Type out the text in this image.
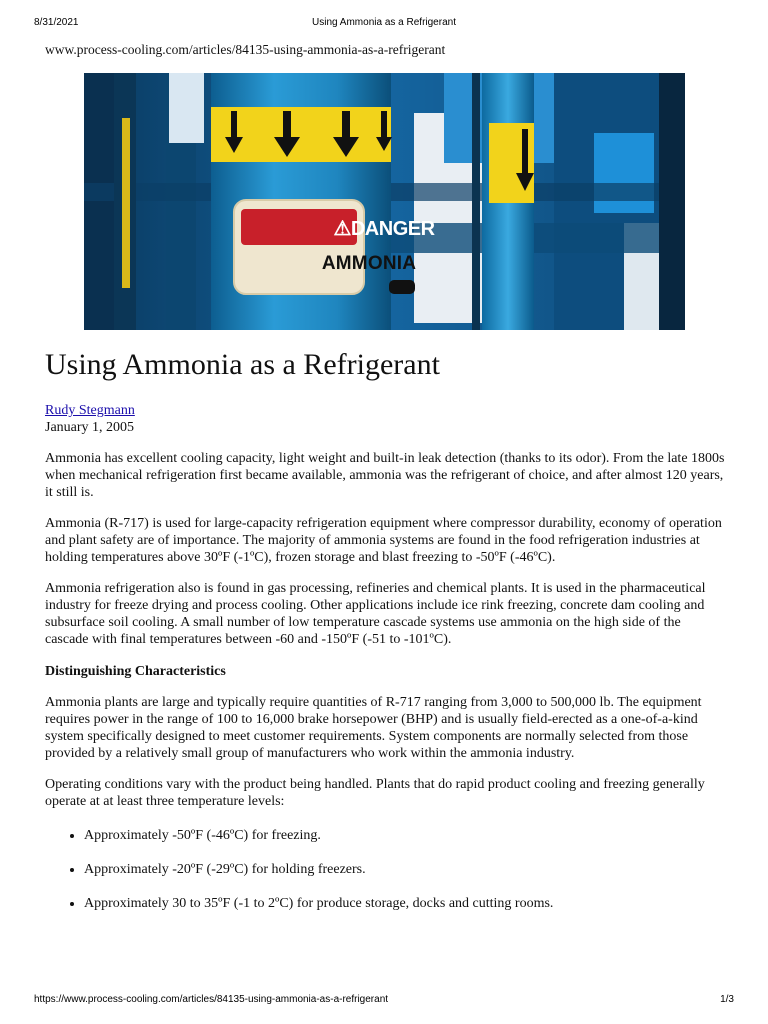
8/31/2021	Using Ammonia as a Refrigerant
www.process-cooling.com/articles/84135-using-ammonia-as-a-refrigerant
⚠DANGER
AMMONIA
Using Ammonia as a Refrigerant
Rudy Stegmann
January 1, 2005

Ammonia has excellent cooling capacity, light weight and built-in leak detection (thanks to its odor). From the late 1800s when mechanical refrigeration first became available, ammonia was the refrigerant of choice, and after almost 120 years, it still is.

Ammonia (R-717) is used for large-capacity refrigeration equipment where compressor durability, economy of operation and plant safety are of importance. The majority of ammonia systems are found in the food refrigeration industries at holding temperatures above 30ºF (-1ºC), frozen storage and blast freezing to -50ºF (-46ºC).

Ammonia refrigeration also is found in gas processing, refineries and chemical plants. It is used in the pharmaceutical industry for freeze drying and process cooling. Other applications include ice rink freezing, concrete dam cooling and subsurface soil cooling. A small number of low temperature cascade systems use ammonia on the high side of the cascade with final temperatures between -60 and -150ºF (-51 to -101ºC).

Distinguishing Characteristics

Ammonia plants are large and typically require quantities of R-717 ranging from 3,000 to 500,000 lb. The equipment requires power in the range of 100 to 16,000 brake horsepower (BHP) and is usually field-erected as a one-of-a-kind system specifically designed to meet customer requirements. System components are normally selected from those provided by a relatively small group of manufacturers who work within the ammonia industry.

Operating conditions vary with the product being handled. Plants that do rapid product cooling and freezing generally operate at at least three temperature levels:

• Approximately -50ºF (-46ºC) for freezing.
• Approximately -20ºF (-29ºC) for holding freezers.
• Approximately 30 to 35ºF (-1 to 2ºC) for produce storage, docks and cutting rooms.
https://www.process-cooling.com/articles/84135-using-ammonia-as-a-refrigerant	1/3
